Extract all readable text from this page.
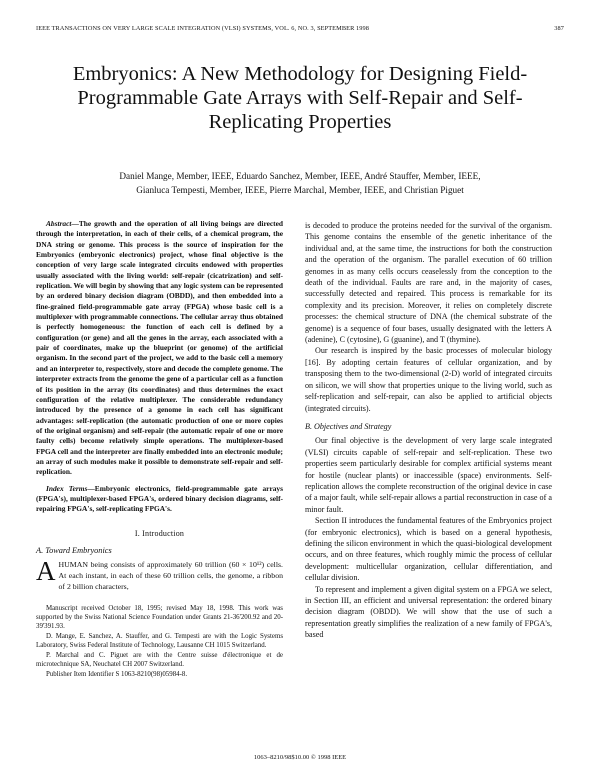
IEEE TRANSACTIONS ON VERY LARGE SCALE INTEGRATION (VLSI) SYSTEMS, VOL. 6, NO. 3, SEPTEMBER 1998	387
Embryonics: A New Methodology for Designing Field-Programmable Gate Arrays with Self-Repair and Self-Replicating Properties
Daniel Mange, Member, IEEE, Eduardo Sanchez, Member, IEEE, André Stauffer, Member, IEEE,
Gianluca Tempesti, Member, IEEE, Pierre Marchal, Member, IEEE, and Christian Piguet

Abstract—The growth and the operation of all living beings are directed through the interpretation, in each of their cells, of a chemical program, the DNA string or genome. This process is the source of inspiration for the Embryonics (embryonic electronics) project, whose final objective is the conception of very large scale integrated circuits endowed with properties usually associated with the living world: self-repair (cicatrization) and self-replication. We will begin by showing that any logic system can be represented by an ordered binary decision diagram (OBDD), and then embedded into a fine-grained field-programmable gate array (FPGA) whose basic cell is a multiplexer with programmable connections. The cellular array thus obtained is perfectly homogeneous: the function of each cell is defined by a configuration (or gene) and all the genes in the array, each associated with a pair of coordinates, make up the blueprint (or genome) of the artificial organism. In the second part of the project, we add to the basic cell a memory and an interpreter to, respectively, store and decode the complete genome. The interpreter extracts from the genome the gene of a particular cell as a function of its position in the array (its coordinates) and thus determines the exact configuration of the relative multiplexer. The considerable redundancy introduced by the presence of a genome in each cell has significant advantages: self-replication (the automatic production of one or more copies of the original organism) and self-repair (the automatic repair of one or more faulty cells) become relatively simple operations. The multiplexer-based FPGA cell and the interpreter are finally embedded into an electronic module; an array of such modules make it possible to demonstrate self-repair and self-replication.

Index Terms—Embryonic electronics, field-programmable gate arrays (FPGA's), multiplexer-based FPGA's, ordered binary decision diagrams, self-repairing FPGA's, self-replicating FPGA's.

I. Introduction
A. Toward Embryonics

AHUMAN being consists of approximately 60 trillion (60 × 10¹²) cells. At each instant, in each of these 60 trillion cells, the genome, a ribbon of 2 billion characters,

Manuscript received October 18, 1995; revised May 18, 1998. This work was supported by the Swiss National Science Foundation under Grants 21-36'200.92 and 20-39'391.93.

D. Mange, E. Sanchez, A. Stauffer, and G. Tempesti are with the Logic Systems Laboratory, Swiss Federal Institute of Technology, Lausanne CH 1015 Switzerland.

P. Marchal and C. Piguet are with the Centre suisse d'électronique et de microtechnique SA, Neuchatel CH 2007 Switzerland.

Publisher Item Identifier S 1063-8210(98)05984-8.

is decoded to produce the proteins needed for the survival of the organism. This genome contains the ensemble of the genetic inheritance of the individual and, at the same time, the instructions for both the construction and the operation of the organism. The parallel execution of 60 trillion genomes in as many cells occurs ceaselessly from the conception to the death of the individual. Faults are rare and, in the majority of cases, successfully detected and repaired. This process is remarkable for its complexity and its precision. Moreover, it relies on completely discrete processes: the chemical structure of DNA (the chemical substrate of the genome) is a sequence of four bases, usually designated with the letters A (adenine), C (cytosine), G (guanine), and T (thymine).

Our research is inspired by the basic processes of molecular biology [16]. By adopting certain features of cellular organization, and by transposing them to the two-dimensional (2-D) world of integrated circuits on silicon, we will show that properties unique to the living world, such as self-replication and self-repair, can also be applied to artificial objects (integrated circuits).

B. Objectives and Strategy

Our final objective is the development of very large scale integrated (VLSI) circuits capable of self-repair and self-replication. These two properties seem particularly desirable for complex artificial systems meant for hostile (nuclear plants) or inaccessible (space) environments. Self-replication allows the complete reconstruction of the original device in case of a major fault, while self-repair allows a partial reconstruction in case of a minor fault.

Section II introduces the fundamental features of the Embryonics project (for embryonic electronics), which is based on a general hypothesis, defining the silicon environment in which the quasi-biological development occurs, and on three features, which roughly mimic the process of cellular development: multicellular organization, cellular differentiation, and cellular division.

To represent and implement a given digital system on a FPGA we select, in Section III, an efficient and universal representation: the ordered binary decision diagram (OBDD). We will show that the use of such a representation greatly simplifies the realization of a new family of FPGA's, based

1063–8210/98$10.00 © 1998 IEEE
